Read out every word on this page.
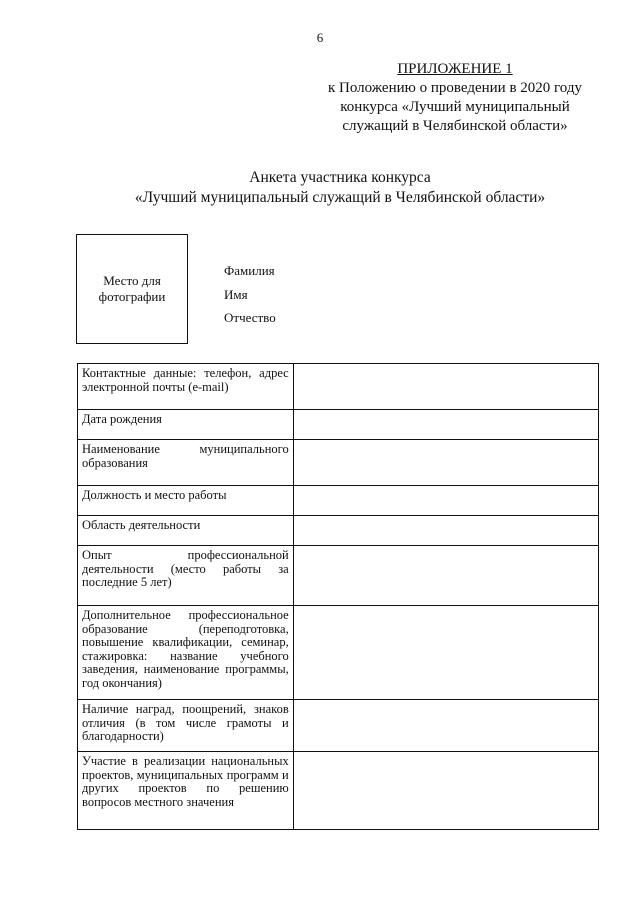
6
ПРИЛОЖЕНИЕ 1
к Положению о проведении в 2020 году
конкурса «Лучший муниципальный
служащий в Челябинской области»
Анкета участника конкурса
«Лучший муниципальный служащий в Челябинской области»
Место для фотографии
Фамилия
Имя
Отчество
Контактные данные: телефон, адрес электронной почты (e-mail)	
Дата рождения	
Наименование муниципального образования	
Должность и место работы	
Область деятельности	
Опыт профессиональной деятельности (место работы за последние 5 лет)	
Дополнительное профессиональное образование (переподготовка, повышение квалификации, семинар, стажировка: название учебного заведения, наименование программы, год окончания)	
Наличие наград, поощрений, знаков отличия (в том числе грамоты и благодарности)	
Участие в реализации национальных проектов, муниципальных программ и других проектов по решению вопросов местного значения	
